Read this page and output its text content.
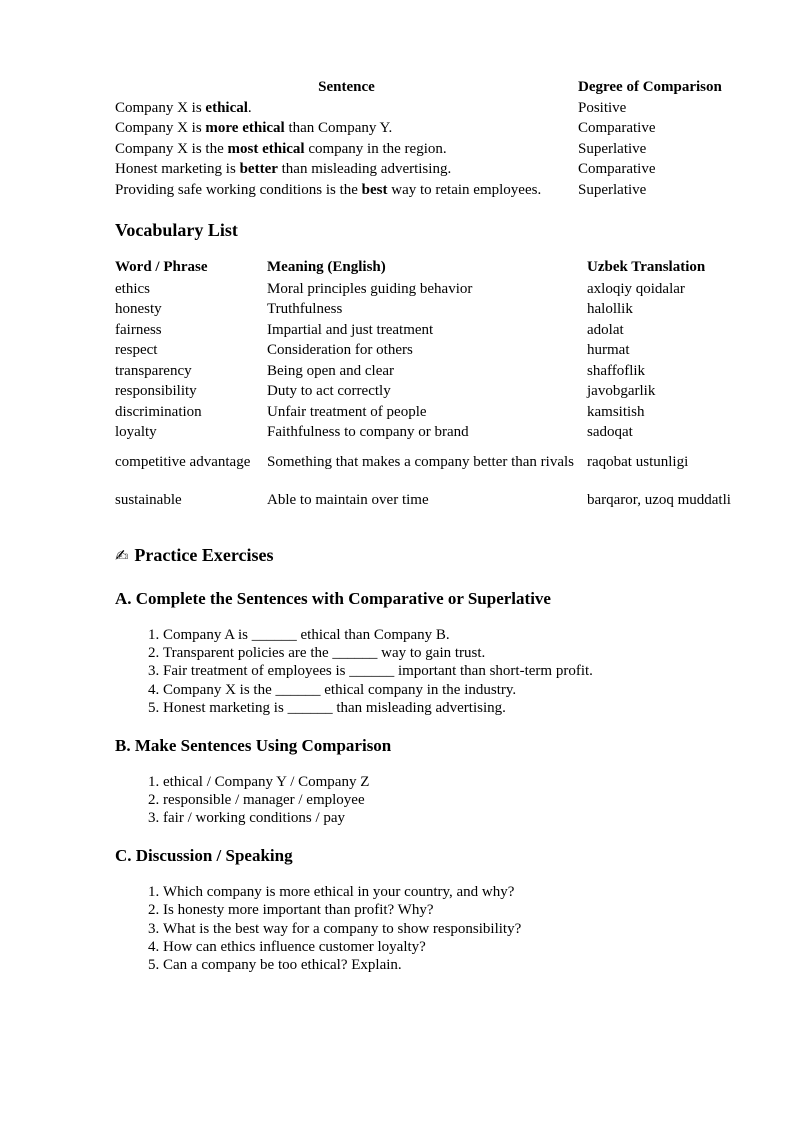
Sentence	Degree of Comparison
Company X is ethical.	Positive
Company X is more ethical than Company Y.	Comparative
Company X is the most ethical company in the region.	Superlative
Honest marketing is better than misleading advertising.	Comparative
Providing safe working conditions is the best way to retain employees.	Superlative
Vocabulary List
Word / Phrase	Meaning (English)	Uzbek Translation
ethics	Moral principles guiding behavior	axloqiy qoidalar
honesty	Truthfulness	halollik
fairness	Impartial and just treatment	adolat
respect	Consideration for others	hurmat
transparency	Being open and clear	shaffoflik
responsibility	Duty to act correctly	javobgarlik
discrimination	Unfair treatment of people	kamsitish
loyalty	Faithfulness to company or brand	sadoqat
competitive advantage	Something that makes a company better than rivals	raqobat ustunligi
sustainable	Able to maintain over time	barqaror, uzoq muddatli
✍ Practice Exercises
A. Complete the Sentences with Comparative or Superlative
1. Company A is ______ ethical than Company B.
2. Transparent policies are the ______ way to gain trust.
3. Fair treatment of employees is ______ important than short-term profit.
4. Company X is the ______ ethical company in the industry.
5. Honest marketing is ______ than misleading advertising.
B. Make Sentences Using Comparison
1. ethical / Company Y / Company Z
2. responsible / manager / employee
3. fair / working conditions / pay
C. Discussion / Speaking
1. Which company is more ethical in your country, and why?
2. Is honesty more important than profit? Why?
3. What is the best way for a company to show responsibility?
4. How can ethics influence customer loyalty?
5. Can a company be too ethical? Explain.
